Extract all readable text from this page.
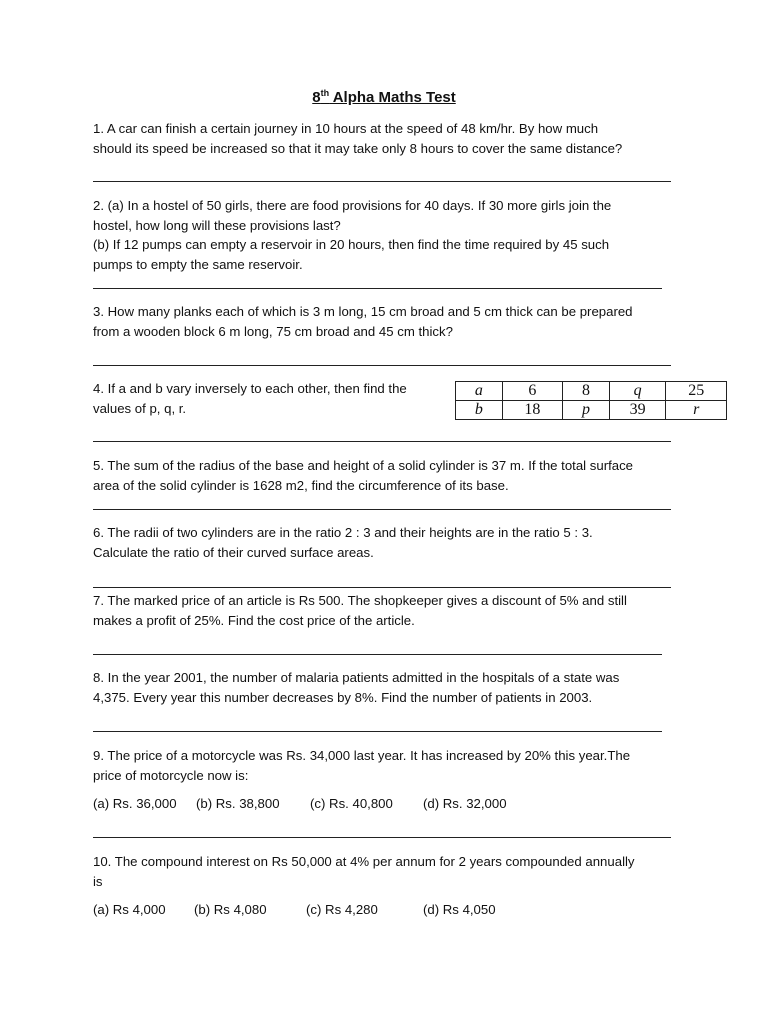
8th Alpha Maths Test
1. A car can finish a certain journey in 10 hours at the speed of 48 km/hr. By how much
should its speed be increased so that it may take only 8 hours to cover the same distance?
2. (a) In a hostel of 50 girls, there are food provisions for 40 days. If 30 more girls join the
hostel, how long will these provisions last?
(b) If 12 pumps can empty a reservoir in 20 hours, then find the time required by 45 such
pumps to empty the same reservoir.
3. How many planks each of which is 3 m long, 15 cm broad and 5 cm thick can be prepared
from a wooden block 6 m long, 75 cm broad and 45 cm thick?
4. If a and b vary inversely to each other, then find the
values of p, q, r.
a	6	8	q	25
b	18	p	39	r
5. The sum of the radius of the base and height of a solid cylinder is 37 m. If the total surface
area of the solid cylinder is 1628 m2, find the circumference of its base.
6. The radii of two cylinders are in the ratio 2 : 3 and their heights are in the ratio 5 : 3.
Calculate the ratio of their curved surface areas.
7. The marked price of an article is Rs 500. The shopkeeper gives a discount of 5% and still
makes a profit of 25%. Find the cost price of the article.
8. In the year 2001, the number of malaria patients admitted in the hospitals of a state was
4,375. Every year this number decreases by 8%. Find the number of patients in 2003.
9. The price of a motorcycle was Rs. 34,000 last year. It has increased by 20% this year.The
price of motorcycle now is:
(a) Rs. 36,000 (b) Rs. 38,800 (c) Rs. 40,800 (d) Rs. 32,000
10. The compound interest on Rs 50,000 at 4% per annum for 2 years compounded annually
is
(a) Rs 4,000 (b) Rs 4,080	(c) Rs 4,280	(d) Rs 4,050
